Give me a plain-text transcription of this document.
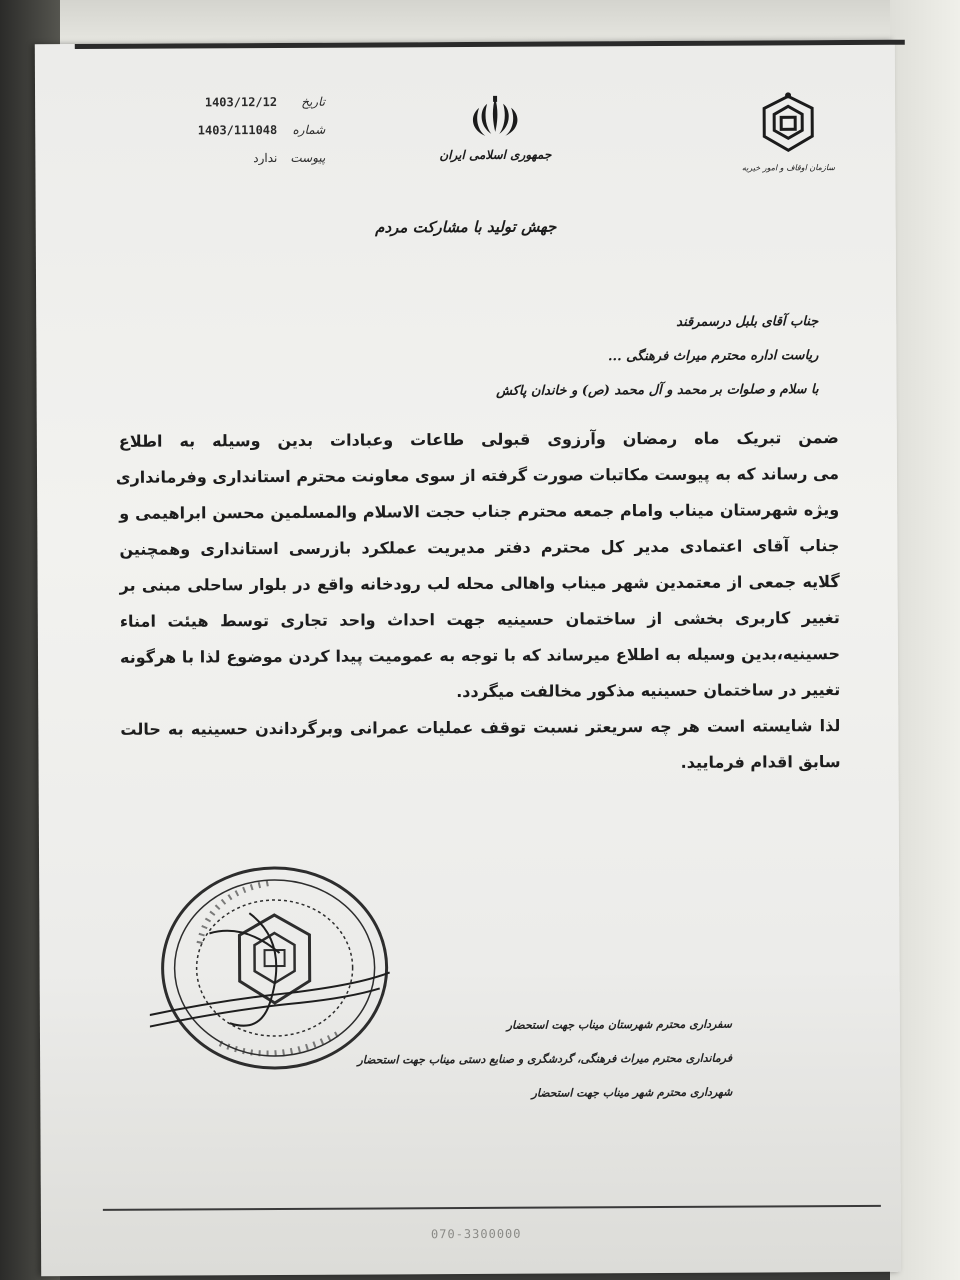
تاریخ
1403/12/12
شماره
1403/111048
پیوست
ندارد	جمهوری اسلامی ایران
سازمان اوقاف و امور خیریه
جهش تولید با مشارکت مردم
جناب آقای بلبل درسمرقند
ریاست اداره محترم میراث فرهنگی ...
با سلام و صلوات بر محمد و آل محمد (ص) و خاندان پاکش
ضمن تبریک ماه رمضان وآرزوی قبولی طاعات وعبادات بدین وسیله به اطلاع
می رساند که به پیوست مکاتبات صورت گرفته از سوی معاونت محترم استانداری وفرمانداری
ویژه شهرستان میناب وامام جمعه محترم جناب حجت الاسلام والمسلمین محسن ابراهیمی و
جناب آقای اعتمادی مدیر کل محترم دفتر مدیریت عملکرد بازرسی استانداری وهمچنین
گلایه جمعی از معتمدین شهر میناب واهالی محله لب رودخانه واقع در بلوار ساحلی مبنی بر
تغییر کاربری بخشی از ساختمان حسینیه جهت احداث واحد تجاری توسط هیئت امناء
حسینیه،بدین وسیله به اطلاع میرساند که با توجه به عمومیت پیدا کردن موضوع لذا با هرگونه
تغییر در ساختمان حسینیه مذکور مخالفت میگردد.
لذا شایسته است هر چه سریعتر نسبت توقف عملیات عمرانی وبرگرداندن حسینیه به حالت
سابق اقدام فرمایید.
سفرداری محترم شهرستان میناب جهت استحضار
فرمانداری محترم میراث فرهنگی، گردشگری و صنایع دستی میناب جهت استحضار
شهرداری محترم شهر میناب جهت استحضار
070-3300000
